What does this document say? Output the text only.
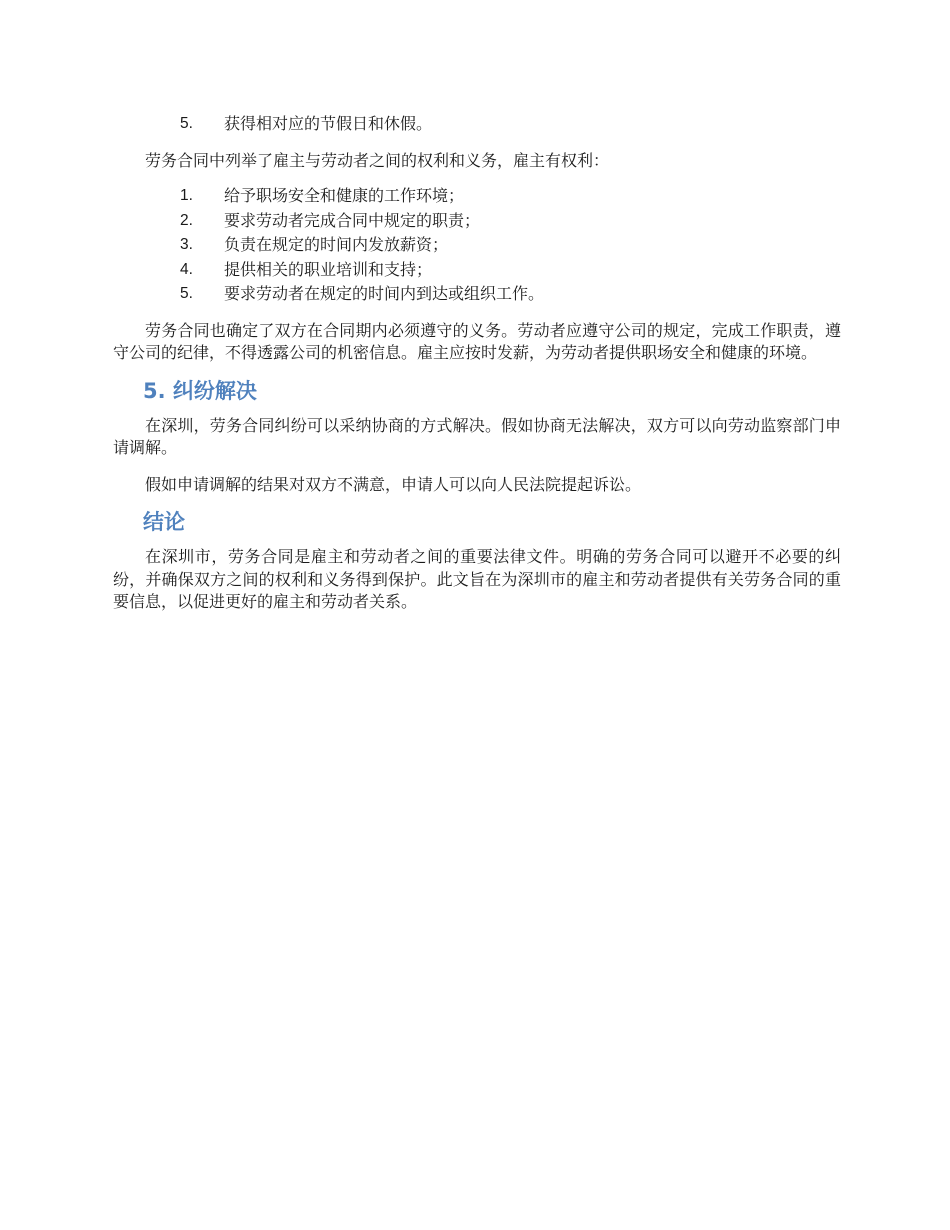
5.	获得相对应的节假日和休假。

劳务合同中列举了雇主与劳动者之间的权利和义务，雇主有权利：

1.	给予职场安全和健康的工作环境；
2.	要求劳动者完成合同中规定的职责；
3.	负责在规定的时间内发放薪资；
4.	提供相关的职业培训和支持；
5.	要求劳动者在规定的时间内到达或组织工作。

劳务合同也确定了双方在合同期内必须遵守的义务。劳动者应遵守公司的规定，完成工作职责，遵守公司的纪律，不得透露公司的机密信息。雇主应按时发薪，为劳动者提供职场安全和健康的环境。

5. 纠纷解决

在深圳，劳务合同纠纷可以采纳协商的方式解决。假如协商无法解决，双方可以向劳动监察部门申请调解。

假如申请调解的结果对双方不满意，申请人可以向人民法院提起诉讼。

结论

在深圳市，劳务合同是雇主和劳动者之间的重要法律文件。明确的劳务合同可以避开不必要的纠纷，并确保双方之间的权利和义务得到保护。此文旨在为深圳市的雇主和劳动者提供有关劳务合同的重要信息，以促进更好的雇主和劳动者关系。
